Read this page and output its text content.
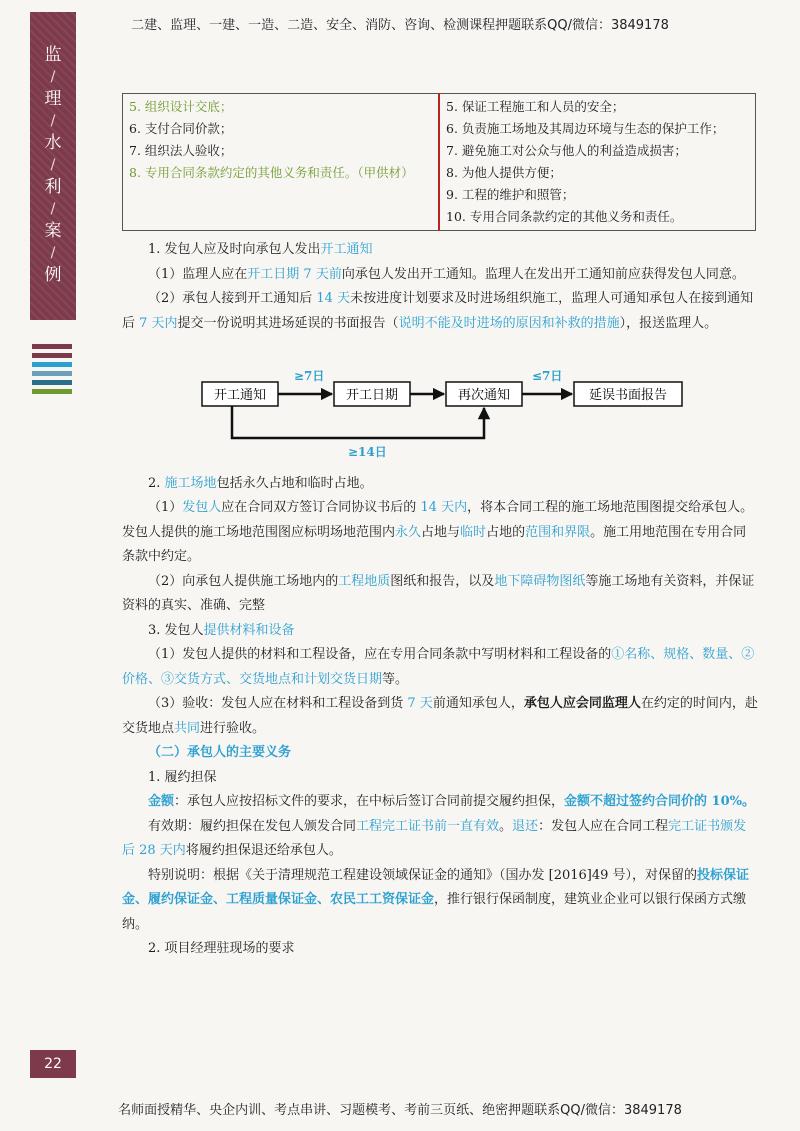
二建、监理、一建、一造、二造、安全、消防、咨询、检测课程押题联系QQ/微信：3849178
监
/
理
/
水
/
利
/
案
/
例

5. 组织设计交底；

6. 支付合同价款；

7. 组织法人验收；

8. 专用合同条款约定的其他义务和责任。（甲供材）

5. 保证工程施工和人员的安全；

6. 负责施工场地及其周边环境与生态的保护工作；

7. 避免施工对公众与他人的利益造成损害；

8. 为他人提供方便；

9. 工程的维护和照管；

10. 专用合同条款约定的其他义务和责任。

1. 发包人应及时向承包人发出开工通知

（1）监理人应在开工日期 7 天前向承包人发出开工通知。监理人在发出开工通知前应获得发包人同意。

（2）承包人接到开工通知后 14 天未按进度计划要求及时进场组织施工，监理人可通知承包人在接到通知后 7 天内提交一份说明其进场延误的书面报告（说明不能及时进场的原因和补救的措施），报送监理人。

开工通知	开工日期	再次通知	延误书面报告
≥7日	≤7日
≥14日

2. 施工场地包括永久占地和临时占地。

（1）发包人应在合同双方签订合同协议书后的 14 天内，将本合同工程的施工场地范围图提交给承包人。发包人提供的施工场地范围图应标明场地范围内永久占地与临时占地的范围和界限。施工用地范围在专用合同条款中约定。

（2）向承包人提供施工场地内的工程地质图纸和报告，以及地下障碍物图纸等施工场地有关资料，并保证资料的真实、准确、完整

3. 发包人提供材料和设备

（1）发包人提供的材料和工程设备，应在专用合同条款中写明材料和工程设备的①名称、规格、数量、②价格、③交货方式、交货地点和计划交货日期等。

（3）验收：发包人应在材料和工程设备到货 7 天前通知承包人，承包人应会同监理人在约定的时间内，赴交货地点共同进行验收。

（二）承包人的主要义务

1. 履约担保

金额：承包人应按招标文件的要求，在中标后签订合同前提交履约担保，金额不超过签约合同价的 10%。

有效期：履约担保在发包人颁发合同工程完工证书前一直有效。退还：发包人应在合同工程完工证书颁发后 28 天内将履约担保退还给承包人。

特别说明：根据《关于清理规范工程建设领域保证金的通知》（国办发 [2016]49 号），对保留的投标保证金、履约保证金、工程质量保证金、农民工工资保证金，推行银行保函制度，建筑业企业可以银行保函方式缴纳。

2. 项目经理驻现场的要求

22
名师面授精华、央企内训、考点串讲、习题模考、考前三页纸、绝密押题联系QQ/微信：3849178
